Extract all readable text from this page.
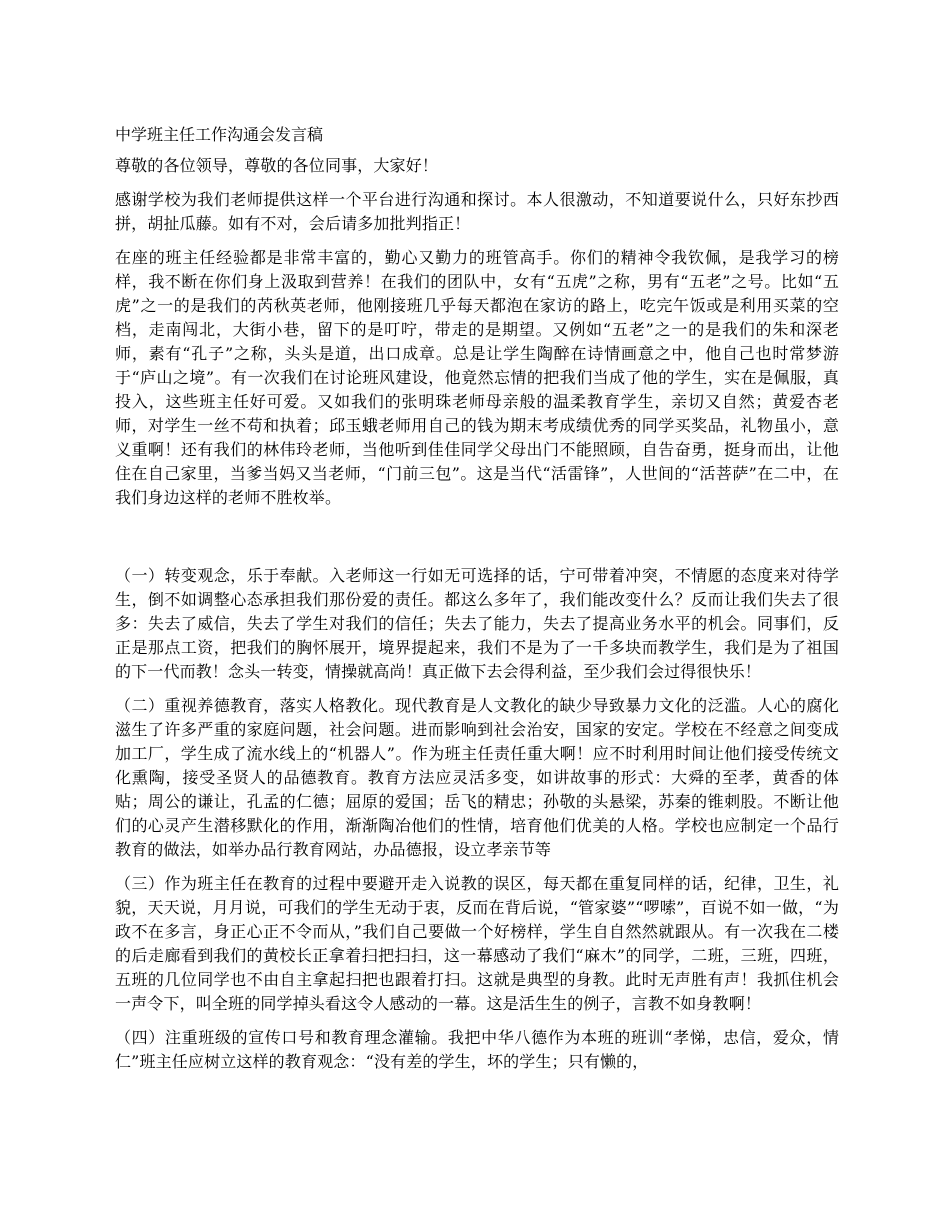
中学班主任工作沟通会发言稿

尊敬的各位领导，尊敬的各位同事，大家好！

感谢学校为我们老师提供这样一个平台进行沟通和探讨。本人很激动，不知道要说什么，只好东抄西拼，胡扯瓜藤。如有不对，会后请多加批判指正！

在座的班主任经验都是非常丰富的，勤心又勤力的班管高手。你们的精神令我钦佩，是我学习的榜样，我不断在你们身上汲取到营养！在我们的团队中，女有“五虎”之称，男有“五老”之号。比如“五虎”之一的是我们的芮秋英老师，他刚接班几乎每天都泡在家访的路上，吃完午饭或是利用买菜的空档，走南闯北，大街小巷，留下的是叮咛，带走的是期望。又例如“五老”之一的是我们的朱和深老师，素有“孔子”之称，头头是道，出口成章。总是让学生陶醉在诗情画意之中，他自己也时常梦游于“庐山之境”。有一次我们在讨论班风建设，他竟然忘情的把我们当成了他的学生，实在是佩服，真投入，这些班主任好可爱。又如我们的张明珠老师母亲般的温柔教育学生，亲切又自然；黄爱杏老师，对学生一丝不苟和执着；邱玉蛾老师用自己的钱为期末考成绩优秀的同学买奖品，礼物虽小，意义重啊！还有我们的林伟玲老师，当他听到佳佳同学父母出门不能照顾，自告奋勇，挺身而出，让他住在自己家里，当爹当妈又当老师，“门前三包”。这是当代“活雷锋”，人世间的“活菩萨”在二中，在我们身边这样的老师不胜枚举。

（一）转变观念，乐于奉献。入老师这一行如无可选择的话，宁可带着冲突，不情愿的态度来对待学生，倒不如调整心态承担我们那份爱的责任。都这么多年了，我们能改变什么？反而让我们失去了很多：失去了威信，失去了学生对我们的信任；失去了能力，失去了提高业务水平的机会。同事们，反正是那点工资，把我们的胸怀展开，境界提起来，我们不是为了一千多块而教学生，我们是为了祖国的下一代而教！念头一转变，情操就高尚！真正做下去会得利益，至少我们会过得很快乐！

（二）重视养德教育，落实人格教化。现代教育是人文教化的缺少导致暴力文化的泛滥。人心的腐化滋生了许多严重的家庭问题，社会问题。进而影响到社会治安，国家的安定。学校在不经意之间变成加工厂，学生成了流水线上的“机器人”。作为班主任责任重大啊！应不时利用时间让他们接受传统文化熏陶，接受圣贤人的品德教育。教育方法应灵活多变，如讲故事的形式：大舜的至孝，黄香的体贴；周公的谦让，孔孟的仁德；屈原的爱国；岳飞的精忠；孙敬的头悬梁，苏秦的锥刺股。不断让他们的心灵产生潜移默化的作用，渐渐陶冶他们的性情，培育他们优美的人格。学校也应制定一个品行教育的做法，如举办品行教育网站，办品德报，设立孝亲节等

（三）作为班主任在教育的过程中要避开走入说教的误区，每天都在重复同样的话，纪律，卫生，礼貌，天天说，月月说，可我们的学生无动于衷，反而在背后说，“管家婆”“啰嗦”，百说不如一做，“为政不在多言，身正心正不令而从，”我们自己要做一个好榜样，学生自自然然就跟从。有一次我在二楼的后走廊看到我们的黄校长正拿着扫把扫扫，这一幕感动了我们“麻木”的同学，二班，三班，四班，五班的几位同学也不由自主拿起扫把也跟着打扫。这就是典型的身教。此时无声胜有声！我抓住机会一声令下，叫全班的同学掉头看这令人感动的一幕。这是活生生的例子，言教不如身教啊！

（四）注重班级的宣传口号和教育理念灌输。我把中华八德作为本班的班训“孝悌，忠信，爱众，情仁”班主任应树立这样的教育观念：“没有差的学生，坏的学生；只有懒的，
